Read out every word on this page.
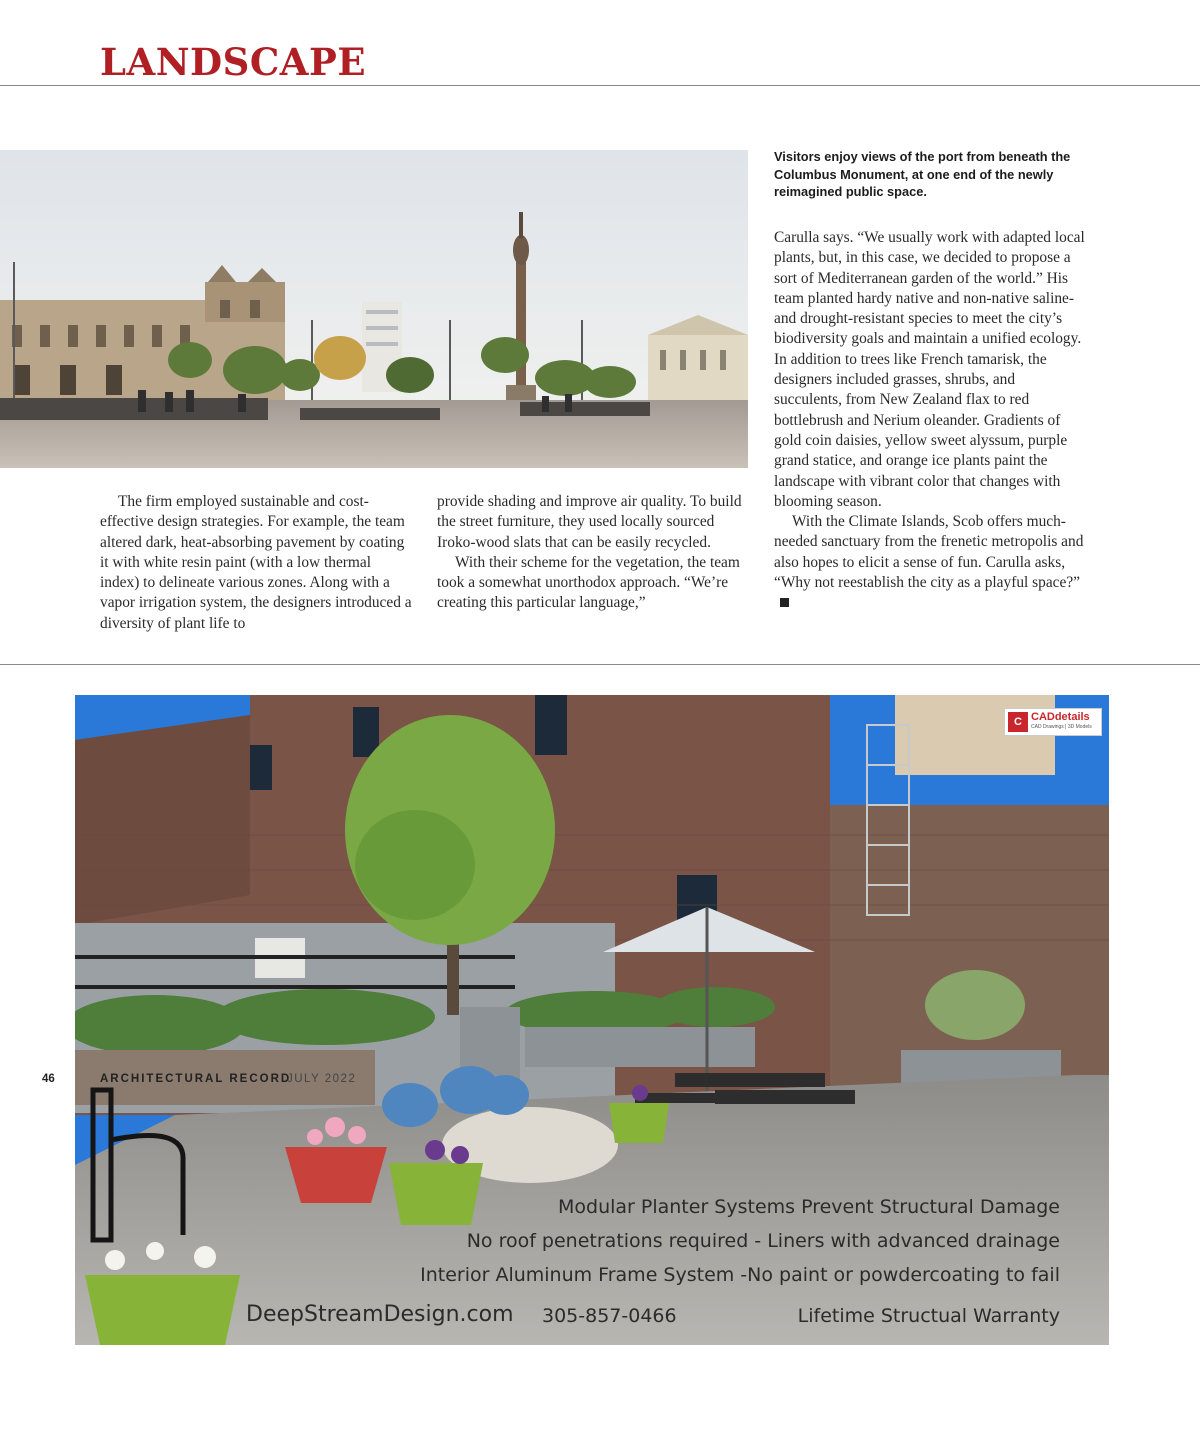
LANDSCAPE

Visitors enjoy views of the port from beneath the Columbus Monument, at one end of the newly reimagined public space.

The firm employed sustainable and cost-effective design strategies. For example, the team altered dark, heat-absorbing pavement by coating it with white resin paint (with a low thermal index) to delineate various zones. Along with a vapor irrigation system, the designers introduced a diversity of plant life to

provide shading and improve air quality. To build the street furniture, they used locally sourced Iroko-wood slats that can be easily recycled.

With their scheme for the vegetation, the team took a somewhat unorthodox approach. “We’re creating this particular language,”

Carulla says. “We usually work with adapted local plants, but, in this case, we decided to propose a sort of Mediterranean garden of the world.” His team planted hardy native and non-native saline- and drought-resistant species to meet the city’s biodiversity goals and maintain a unified ecology. In addition to trees like French tamarisk, the designers included grasses, shrubs, and succulents, from New Zealand flax to red bottlebrush and Nerium oleander. Gradients of gold coin daisies, yellow sweet alyssum, purple grand statice, and orange ice plants paint the landscape with vibrant color that changes with blooming season.

With the Climate Islands, Scob offers much-needed sanctuary from the frenetic metropolis and also hopes to elicit a sense of fun. Carulla asks, “Why not reestablish the city as a playful space?”

C CADdetails
CAD Drawings | 3D Models
Modular Planter Systems Prevent Structural Damage
No roof penetrations required - Liners with advanced drainage
Interior Aluminum Frame System -No paint or powdercoating to fail
DeepStreamDesign.com 305-857-0466	Lifetime Structual Warranty
46	ARCHITECTURAL RECORD
JULY 2022
